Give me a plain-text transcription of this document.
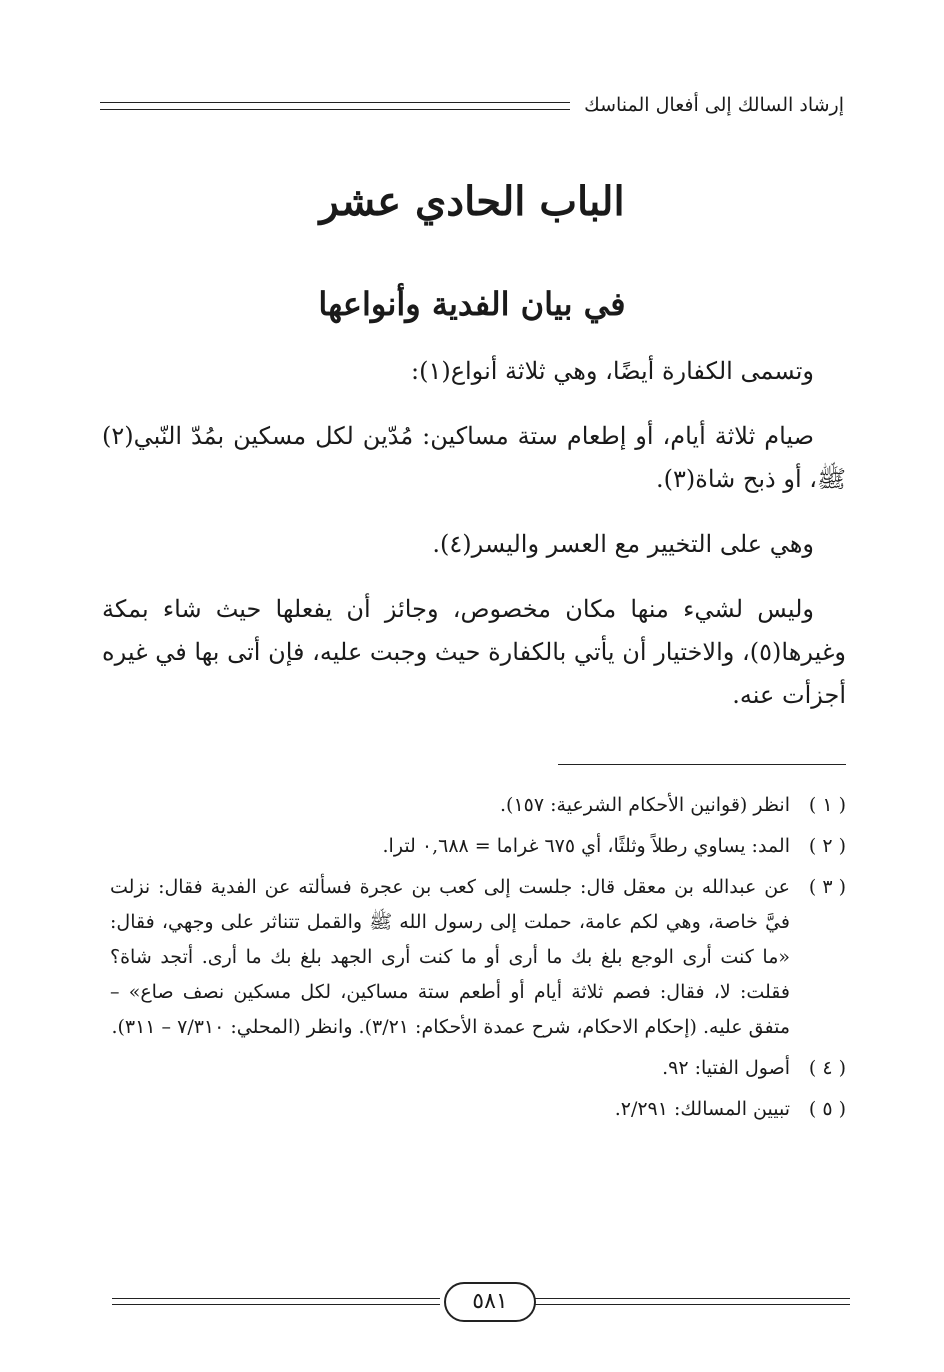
إرشاد السالك إلى أفعال المناسك
الباب الحادي عشر
في بيان الفدية وأنواعها

وتسمى الكفارة أيضًا، وهي ثلاثة أنواع(١):

صيام ثلاثة أيام، أو إطعام ستة مساكين: مُدّين لكل مسكين بمُدّ النّبي(٢) ﷺ، أو ذبح شاة(٣).

وهي على التخيير مع العسر واليسر(٤).

وليس لشيء منها مكان مخصوص، وجائز أن يفعلها حيث شاء بمكة وغيرها(٥)، والاختيار أن يأتي بالكفارة حيث وجبت عليه، فإن أتى بها في غيره أجزأت عنه.

( ١ )
انظر (قوانين الأحكام الشرعية: ١٥٧).
( ٢ )
المد: يساوي رطلاً وثلثًا، أي ٦٧٥ غراما = ٠,٦٨٨ لترا.
( ٣ )
عن عبدالله بن معقل قال: جلست إلى كعب بن عجرة فسألته عن الفدية فقال: نزلت فيَّ خاصة، وهي لكم عامة، حملت إلى رسول الله ﷺ والقمل تتناثر على وجهي، فقال: «ما كنت أرى الوجع بلغ بك ما أرى أو ما كنت أرى الجهد بلغ بك ما أرى. أتجد شاة؟ فقلت: لا، فقال: فصم ثلاثة أيام أو أطعم ستة مساكين، لكل مسكين نصف صاع» – متفق عليه. (إحكام الاحكام، شرح عمدة الأحكام: ٣/٢١). وانظر (المحلي: ٧/٣١٠ – ٣١١).
( ٤ )
أصول الفتيا: ٩٢.
( ٥ )
تبيين المسالك: ٢/٢٩١.
٥٨١
